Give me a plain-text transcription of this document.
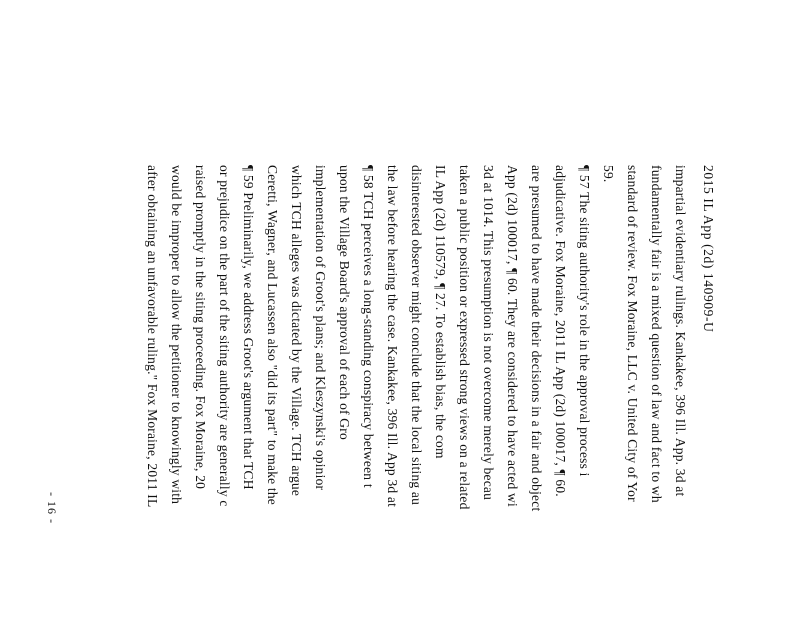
2015 IL App (2d) 140909-U
- 16 -
impartial evidentiary rulings. Kankakee, 396 Ill. App. 3d at
fundamentally fair is a mixed question of law and fact to wh
standard of review. Fox Moraine, LLC v. United City of Yor
59.
¶ 57 The siting authority's role in the approval process i
adjudicative. Fox Moraine, 2011 IL App (2d) 100017, ¶ 60.
are presumed to have made their decisions in a fair and object
App (2d) 100017, ¶ 60. They are considered to have acted wi
3d at 1014. This presumption is not overcome merely becau
taken a public position or expressed strong views on a related
IL App (2d) 110579, ¶ 27. To establish bias, the com
disinterested observer might conclude that the local siting au
the law before hearing the case. Kankakee, 396 Ill. App 3d at
¶ 58 TCH perceives a long-standing conspiracy between t
upon the Village Board's approval of each of Gro
implementation of Groot's plans; and Kleszynski's opinior
which TCH alleges was dictated by the Village. TCH argue
Ceretti, Wagner, and Lucassen also "did its part" to make the
¶ 59 Preliminarily, we address Groot's argument that TCH
or prejudice on the part of the siting authority are generally c
raised promptly in the siting proceeding. Fox Moraine, 20
would be improper to allow the petitioner to knowingly with
after obtaining an unfavorable ruling." Fox Moraine, 2011 IL
